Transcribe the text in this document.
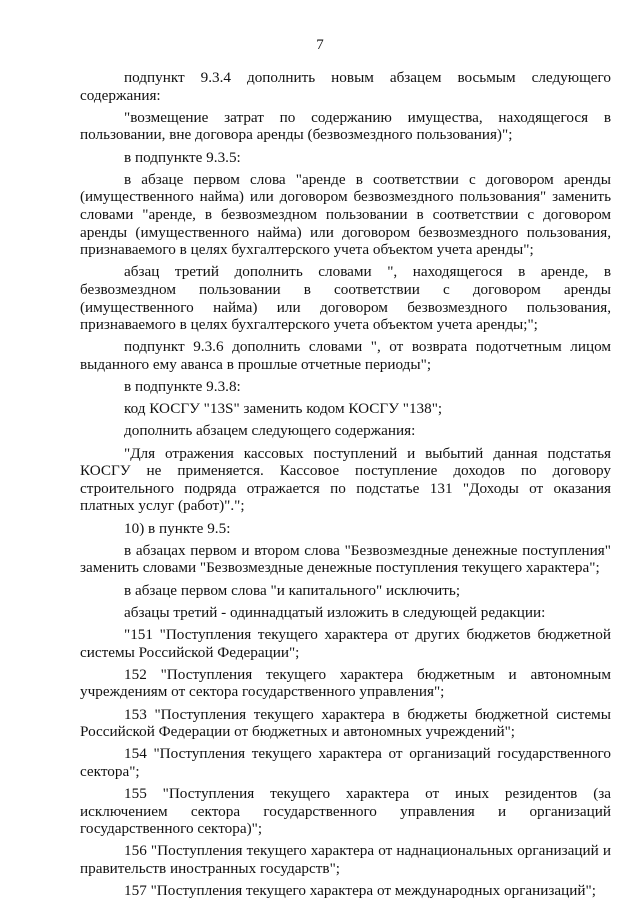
7

подпункт 9.3.4 дополнить новым абзацем восьмым следующего содержания:

"возмещение затрат по содержанию имущества, находящегося в пользовании, вне договора аренды (безвозмездного пользования)";

в подпункте 9.3.5:

в абзаце первом слова "аренде в соответствии с договором аренды (имущественного найма) или договором безвозмездного пользования" заменить словами "аренде, в безвозмездном пользовании в соответствии с договором аренды (имущественного найма) или договором безвозмездного пользования, признаваемого в целях бухгалтерского учета объектом учета аренды";

абзац третий дополнить словами ", находящегося в аренде, в безвозмездном пользовании в соответствии с договором аренды (имущественного найма) или договором безвозмездного пользования, признаваемого в целях бухгалтерского учета объектом учета аренды;";

подпункт 9.3.6 дополнить словами ", от возврата подотчетным лицом выданного ему аванса в прошлые отчетные периоды";

в подпункте 9.3.8:

код КОСГУ "13S" заменить кодом КОСГУ "138";

дополнить абзацем следующего содержания:

"Для отражения кассовых поступлений и выбытий данная подстатья КОСГУ не применяется. Кассовое поступление доходов по договору строительного подряда отражается по подстатье 131 "Доходы от оказания платных услуг (работ)".";

10) в пункте 9.5:

в абзацах первом и втором слова "Безвозмездные денежные поступления" заменить словами "Безвозмездные денежные поступления текущего характера";

в абзаце первом слова "и капитального" исключить;

абзацы третий - одиннадцатый изложить в следующей редакции:

"151 "Поступления текущего характера от других бюджетов бюджетной системы Российской Федерации";

152 "Поступления текущего характера бюджетным и автономным учреждениям от сектора государственного управления";

153 "Поступления текущего характера в бюджеты бюджетной системы Российской Федерации от бюджетных и автономных учреждений";

154 "Поступления текущего характера от организаций государственного сектора";

155 "Поступления текущего характера от иных резидентов (за исключением сектора государственного управления и организаций государственного сектора)";

156 "Поступления текущего характера от наднациональных организаций и правительств иностранных государств";

157 "Поступления текущего характера от международных организаций";
